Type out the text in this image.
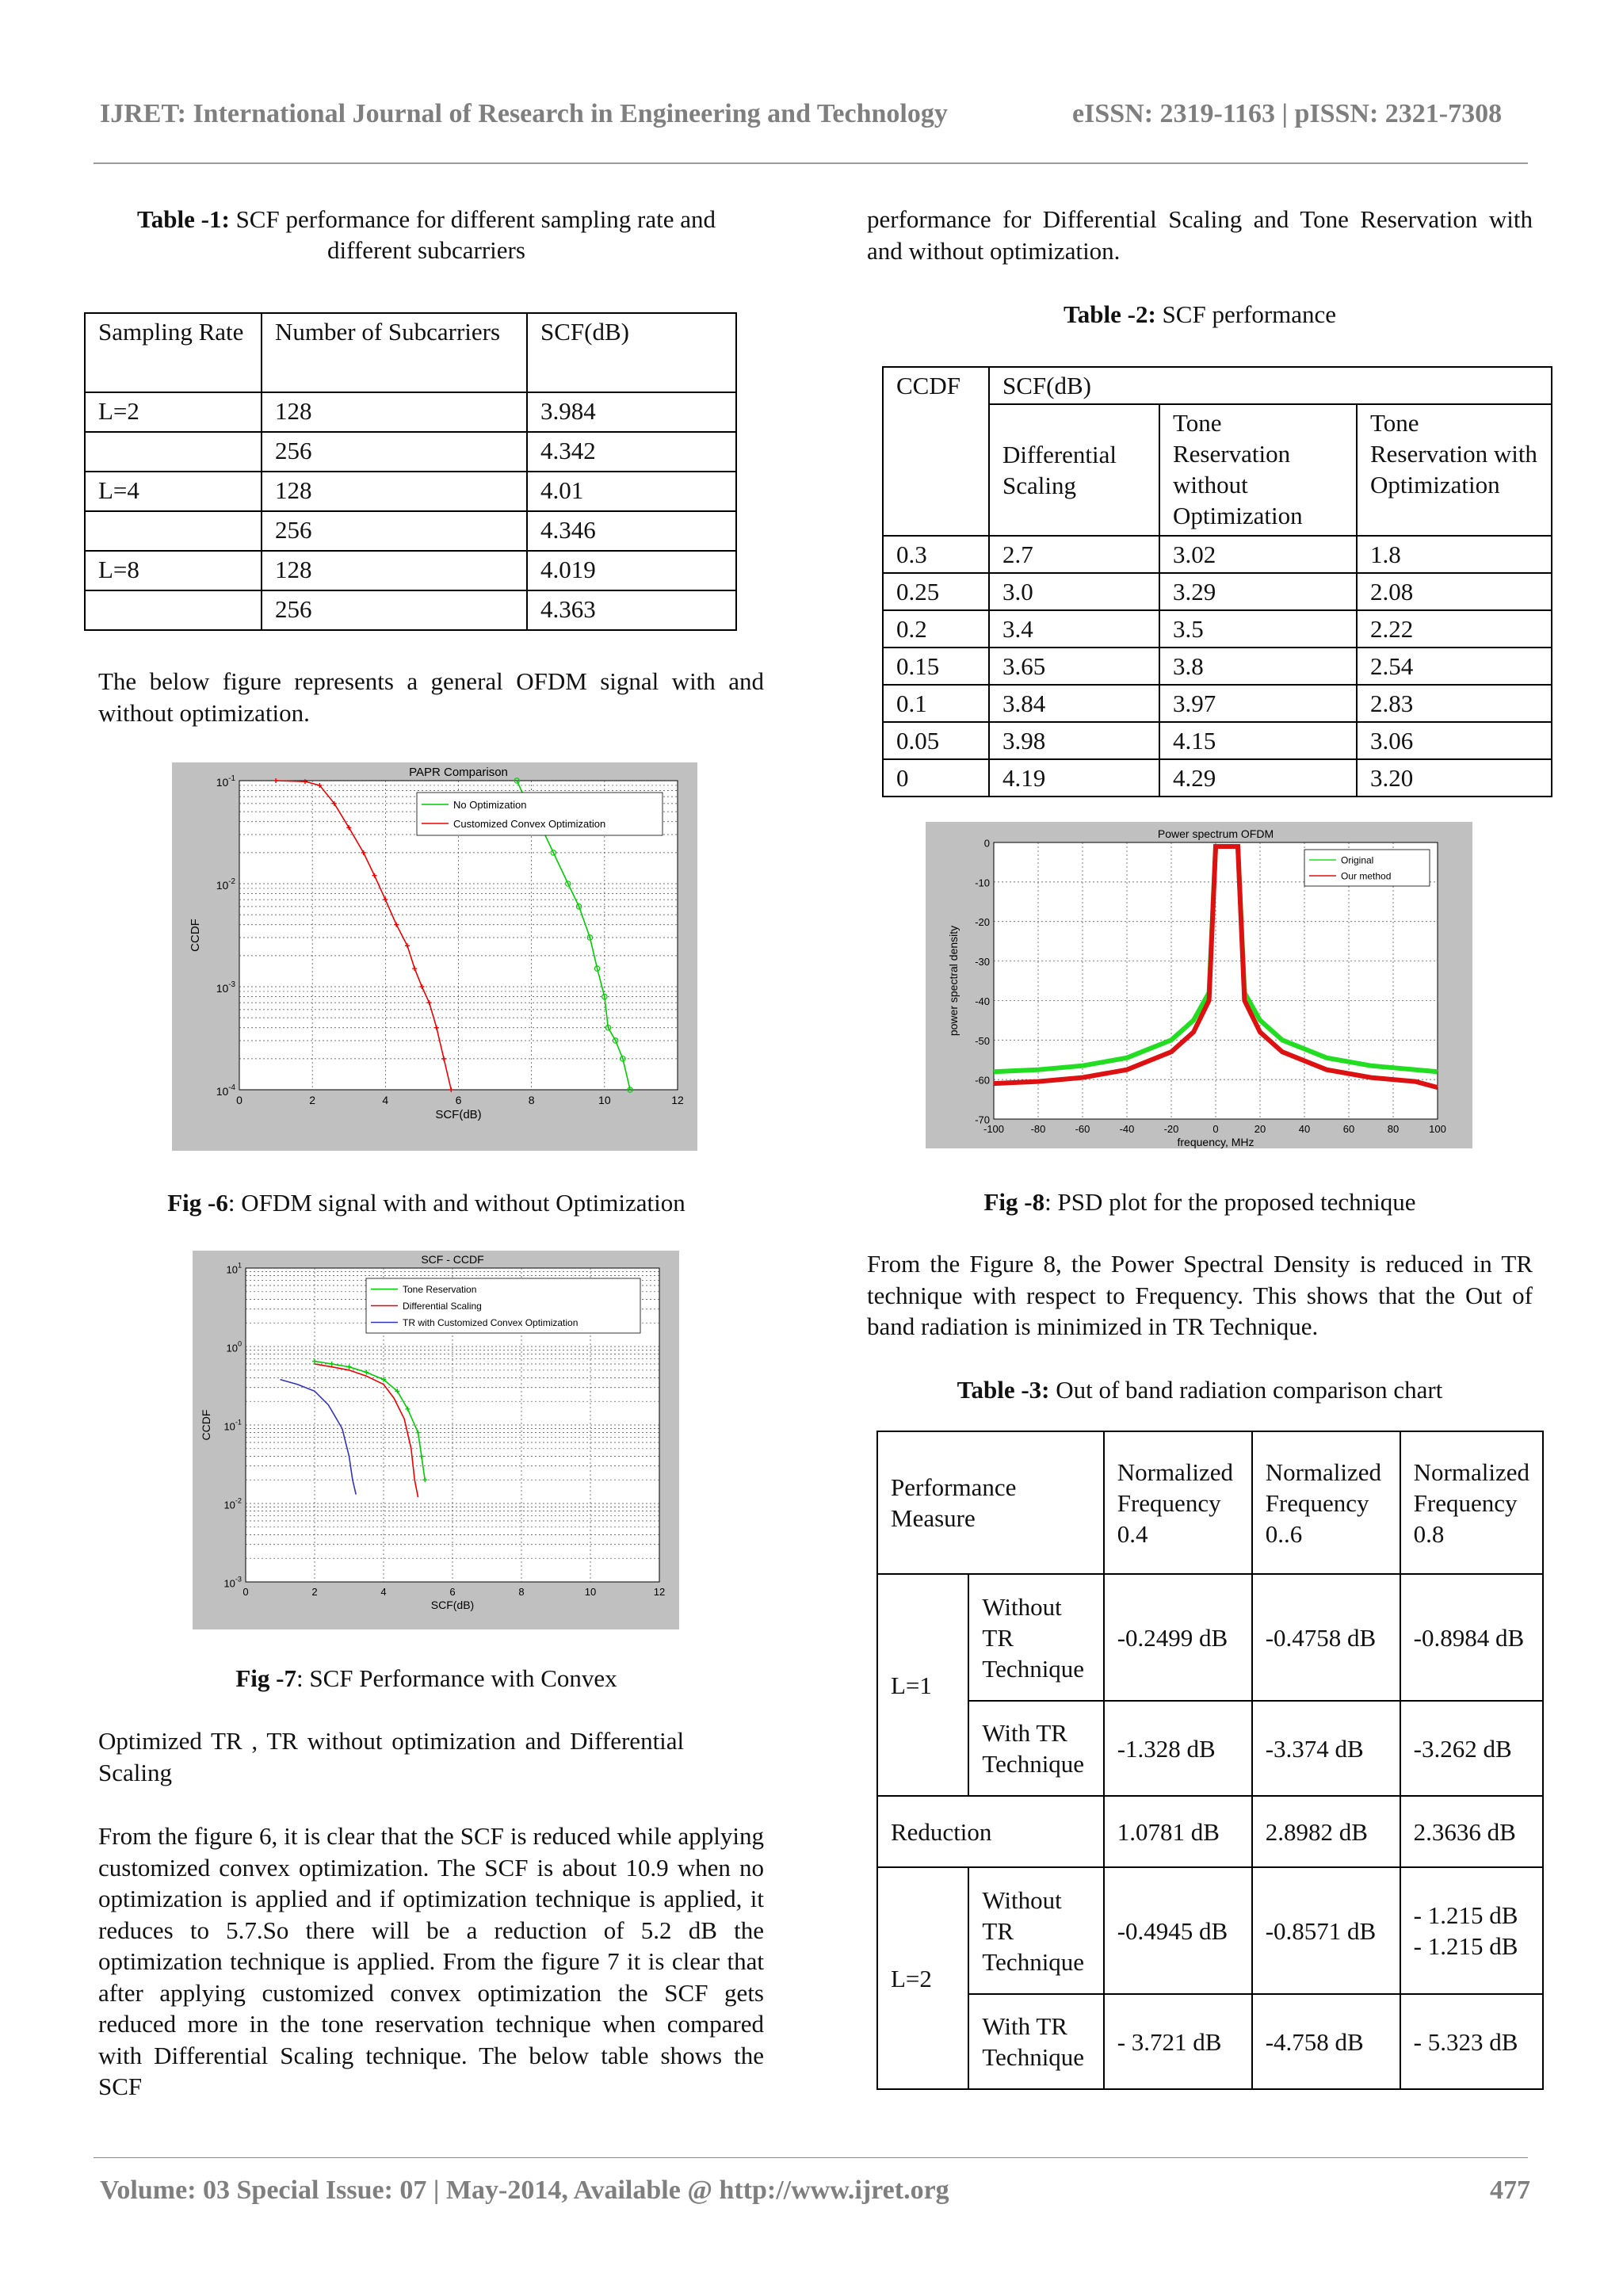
IJRET: International Journal of Research in Engineering and Technology	eISSN: 2319-1163 | pISSN: 2321-7308
Table -1: SCF performance for different sampling rate and different subcarriers
Sampling Rate	Number of Subcarriers	SCF(dB)
L=2	128	3.984
	256	4.342
L=4	128	4.01
	256	4.346
L=8	128	4.019
	256	4.363
The below figure represents a general OFDM signal with and without optimization.
0	2	4	6	8	10	12
$10^{-1}$
$10^{-2}$
$10^{-3}$
$10^{-4}$
PAPR Comparison
SCF(dB)
CCDF
No Optimization
Customized Convex Optimization
Fig -6: OFDM signal with and without Optimization
0	2	4	6	8	10	12
$10^1$
$10^0$
$10^{-1}$
$10^{-2}$
$10^{-3}$
SCF - CCDF
SCF(dB)
CCDF
Tone Reservation
Differential Scaling
TR with Customized Convex Optimization
Fig -7: SCF Performance with Convex
Optimized TR , TR without optimization and Differential Scaling
From the figure 6, it is clear that the SCF is reduced while applying customized convex optimization. The SCF is about 10.9 when no optimization is applied and if optimization technique is applied, it reduces to 5.7.So there will be a reduction of 5.2 dB the optimization technique is applied. From the figure 7 it is clear that after applying customized convex optimization the SCF gets reduced more in the tone reservation technique when compared with Differential Scaling technique. The below table shows the SCF
performance for Differential Scaling and Tone Reservation with and without optimization.
Table -2: SCF performance
CCDF	SCF(dB)		
	Differential Scaling	Tone Reservation without Optimization	Tone Reservation with Optimization
0.3	2.7	3.02	1.8
0.25	3.0	3.29	2.08
0.2	3.4	3.5	2.22
0.15	3.65	3.8	2.54
0.1	3.84	3.97	2.83
0.05	3.98	4.15	3.06
0	4.19	4.29	3.20
-100	-80	-60	-40	-20	0	20	40	60	80	100
0
-10
-20
-30
-40
-50
-60
-70
Power spectrum OFDM
frequency, MHz
power spectral density
Original
Our method
Fig -8: PSD plot for the proposed technique
From the Figure 8, the Power Spectral Density is reduced in TR technique with respect to Frequency. This shows that the Out of band radiation is minimized in TR Technique.
Table -3: Out of band radiation comparison chart
Performance Measure		Normalized Frequency 0.4	Normalized Frequency 0..6	Normalized Frequency 0.8
L=1	Without TR Technique	-0.2499 dB	-0.4758 dB	-0.8984 dB
	With TR Technique	-1.328 dB	-3.374 dB	-3.262 dB
Reduction		1.0781 dB	2.8982 dB	2.3636 dB
L=2	Without TR Technique	-0.4945 dB	-0.8571 dB	- 1.215 dB
- 1.215 dB
	With TR Technique	- 3.721 dB	-4.758 dB	- 5.323 dB
Volume: 03 Special Issue: 07 | May-2014, Available @ http://www.ijret.org	477
